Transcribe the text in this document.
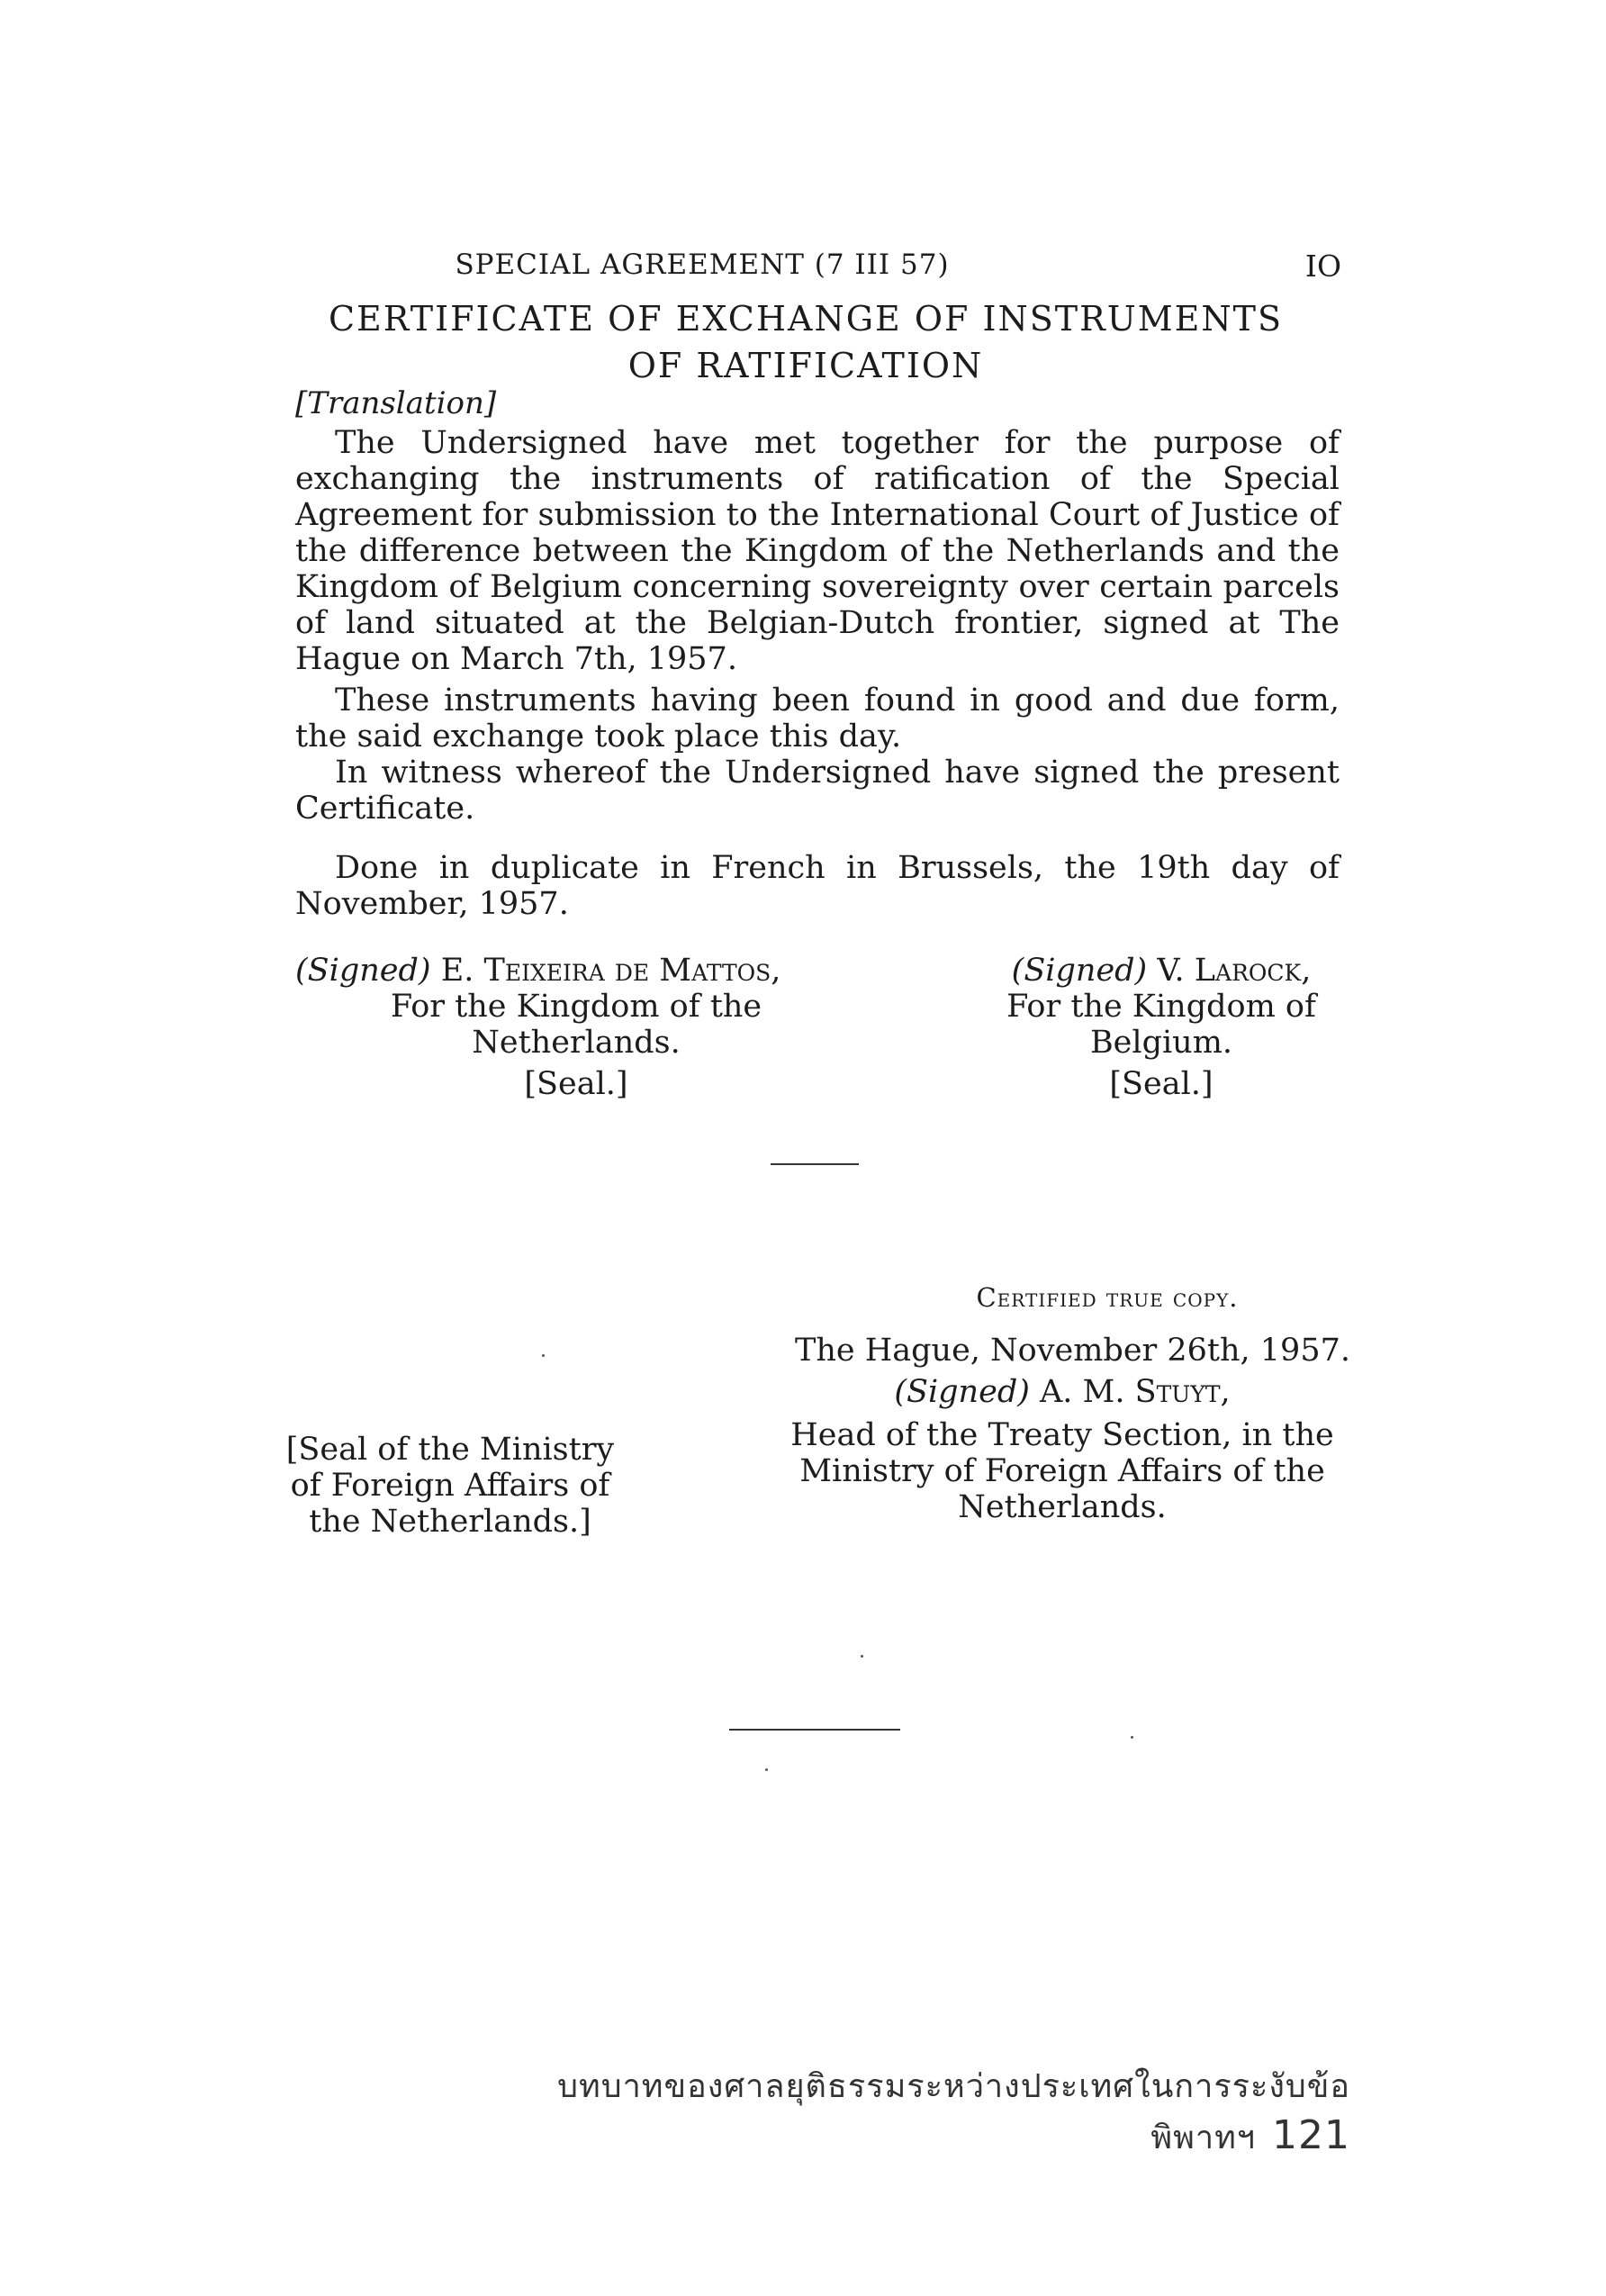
SPECIAL AGREEMENT (7 III 57)	IO
CERTIFICATE OF EXCHANGE OF INSTRUMENTS
OF RATIFICATION
[Translation]

The Undersigned have met together for the purpose of exchanging the instruments of ratification of the Special Agreement for submission to the International Court of Justice of the difference between the Kingdom of the Netherlands and the Kingdom of Belgium concerning sovereignty over certain parcels of land situated at the Belgian-Dutch frontier, signed at The Hague on March 7th, 1957.

These instruments having been found in good and due form, the said exchange took place this day.

In witness whereof the Undersigned have signed the present Certificate.

Done in duplicate in French in Brussels, the 19th day of November, 1957.

(Signed) E. Teixeira de Mattos,
For the Kingdom of the
Netherlands.
[Seal.]
(Signed) V. Larock,
For the Kingdom of
Belgium.
[Seal.]
Certified true copy.
The Hague, November 26th, 1957.
(Signed) A. M. Stuyt,
Head of the Treaty Section, in the
Ministry of Foreign Affairs of the
Netherlands.
[Seal of the Ministry
of Foreign Affairs of
the Netherlands.]
บทบาทของศาลยุติธรรมระหว่างประเทศในการระงับข้อพิพาทฯ 121
